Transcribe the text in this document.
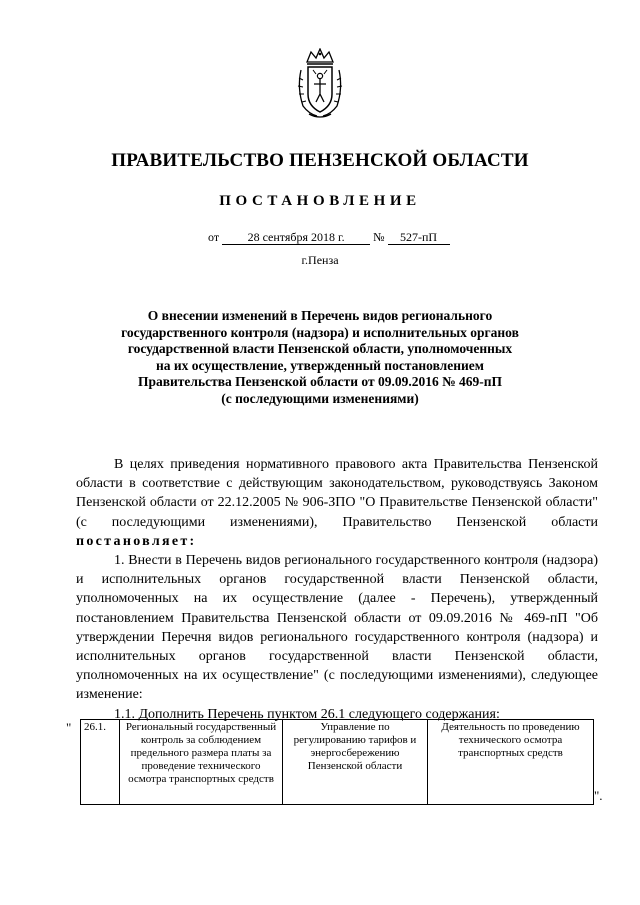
ПРАВИТЕЛЬСТВО ПЕНЗЕНСКОЙ ОБЛАСТИ
ПОСТАНОВЛЕНИЕ
от 28 сентября 2018 г. № 527-пП
г.Пенза
О внесении изменений в Перечень видов регионального
государственного контроля (надзора) и исполнительных органов
государственной власти Пензенской области, уполномоченных
на их осуществление, утвержденный постановлением
Правительства Пензенской области от 09.09.2016 № 469-пП
(с последующими изменениями)

В целях приведения нормативного правового акта Правительства Пензенской области в соответствие с действующим законодательством, руководствуясь Законом Пензенской области от 22.12.2005 № 906-ЗПО "О Правительстве Пензенской области" (с последующими изменениями), Правительство Пензенской области постановляет:

1. Внести в Перечень видов регионального государственного контроля (надзора) и исполнительных органов государственной власти Пензенской области, уполномоченных на их осуществление (далее - Перечень), утвержденный постановлением Правительства Пензенской области от 09.09.2016 № 469-пП "Об утверждении Перечня видов регионального государственного контроля (надзора) и исполнительных органов государственной власти Пензенской области, уполномоченных на их осуществление" (с последующими изменениями), следующее изменение:

1.1. Дополнить Перечень пунктом 26.1 следующего содержания:

" 26.1.	Региональный государственный контроль за соблюдением предельного размера платы за проведение технического осмотра транспортных средств	Управление по регулированию тарифов и энергосбережению Пензенской области	Деятельность по проведению технического осмотра транспортных средств
".
